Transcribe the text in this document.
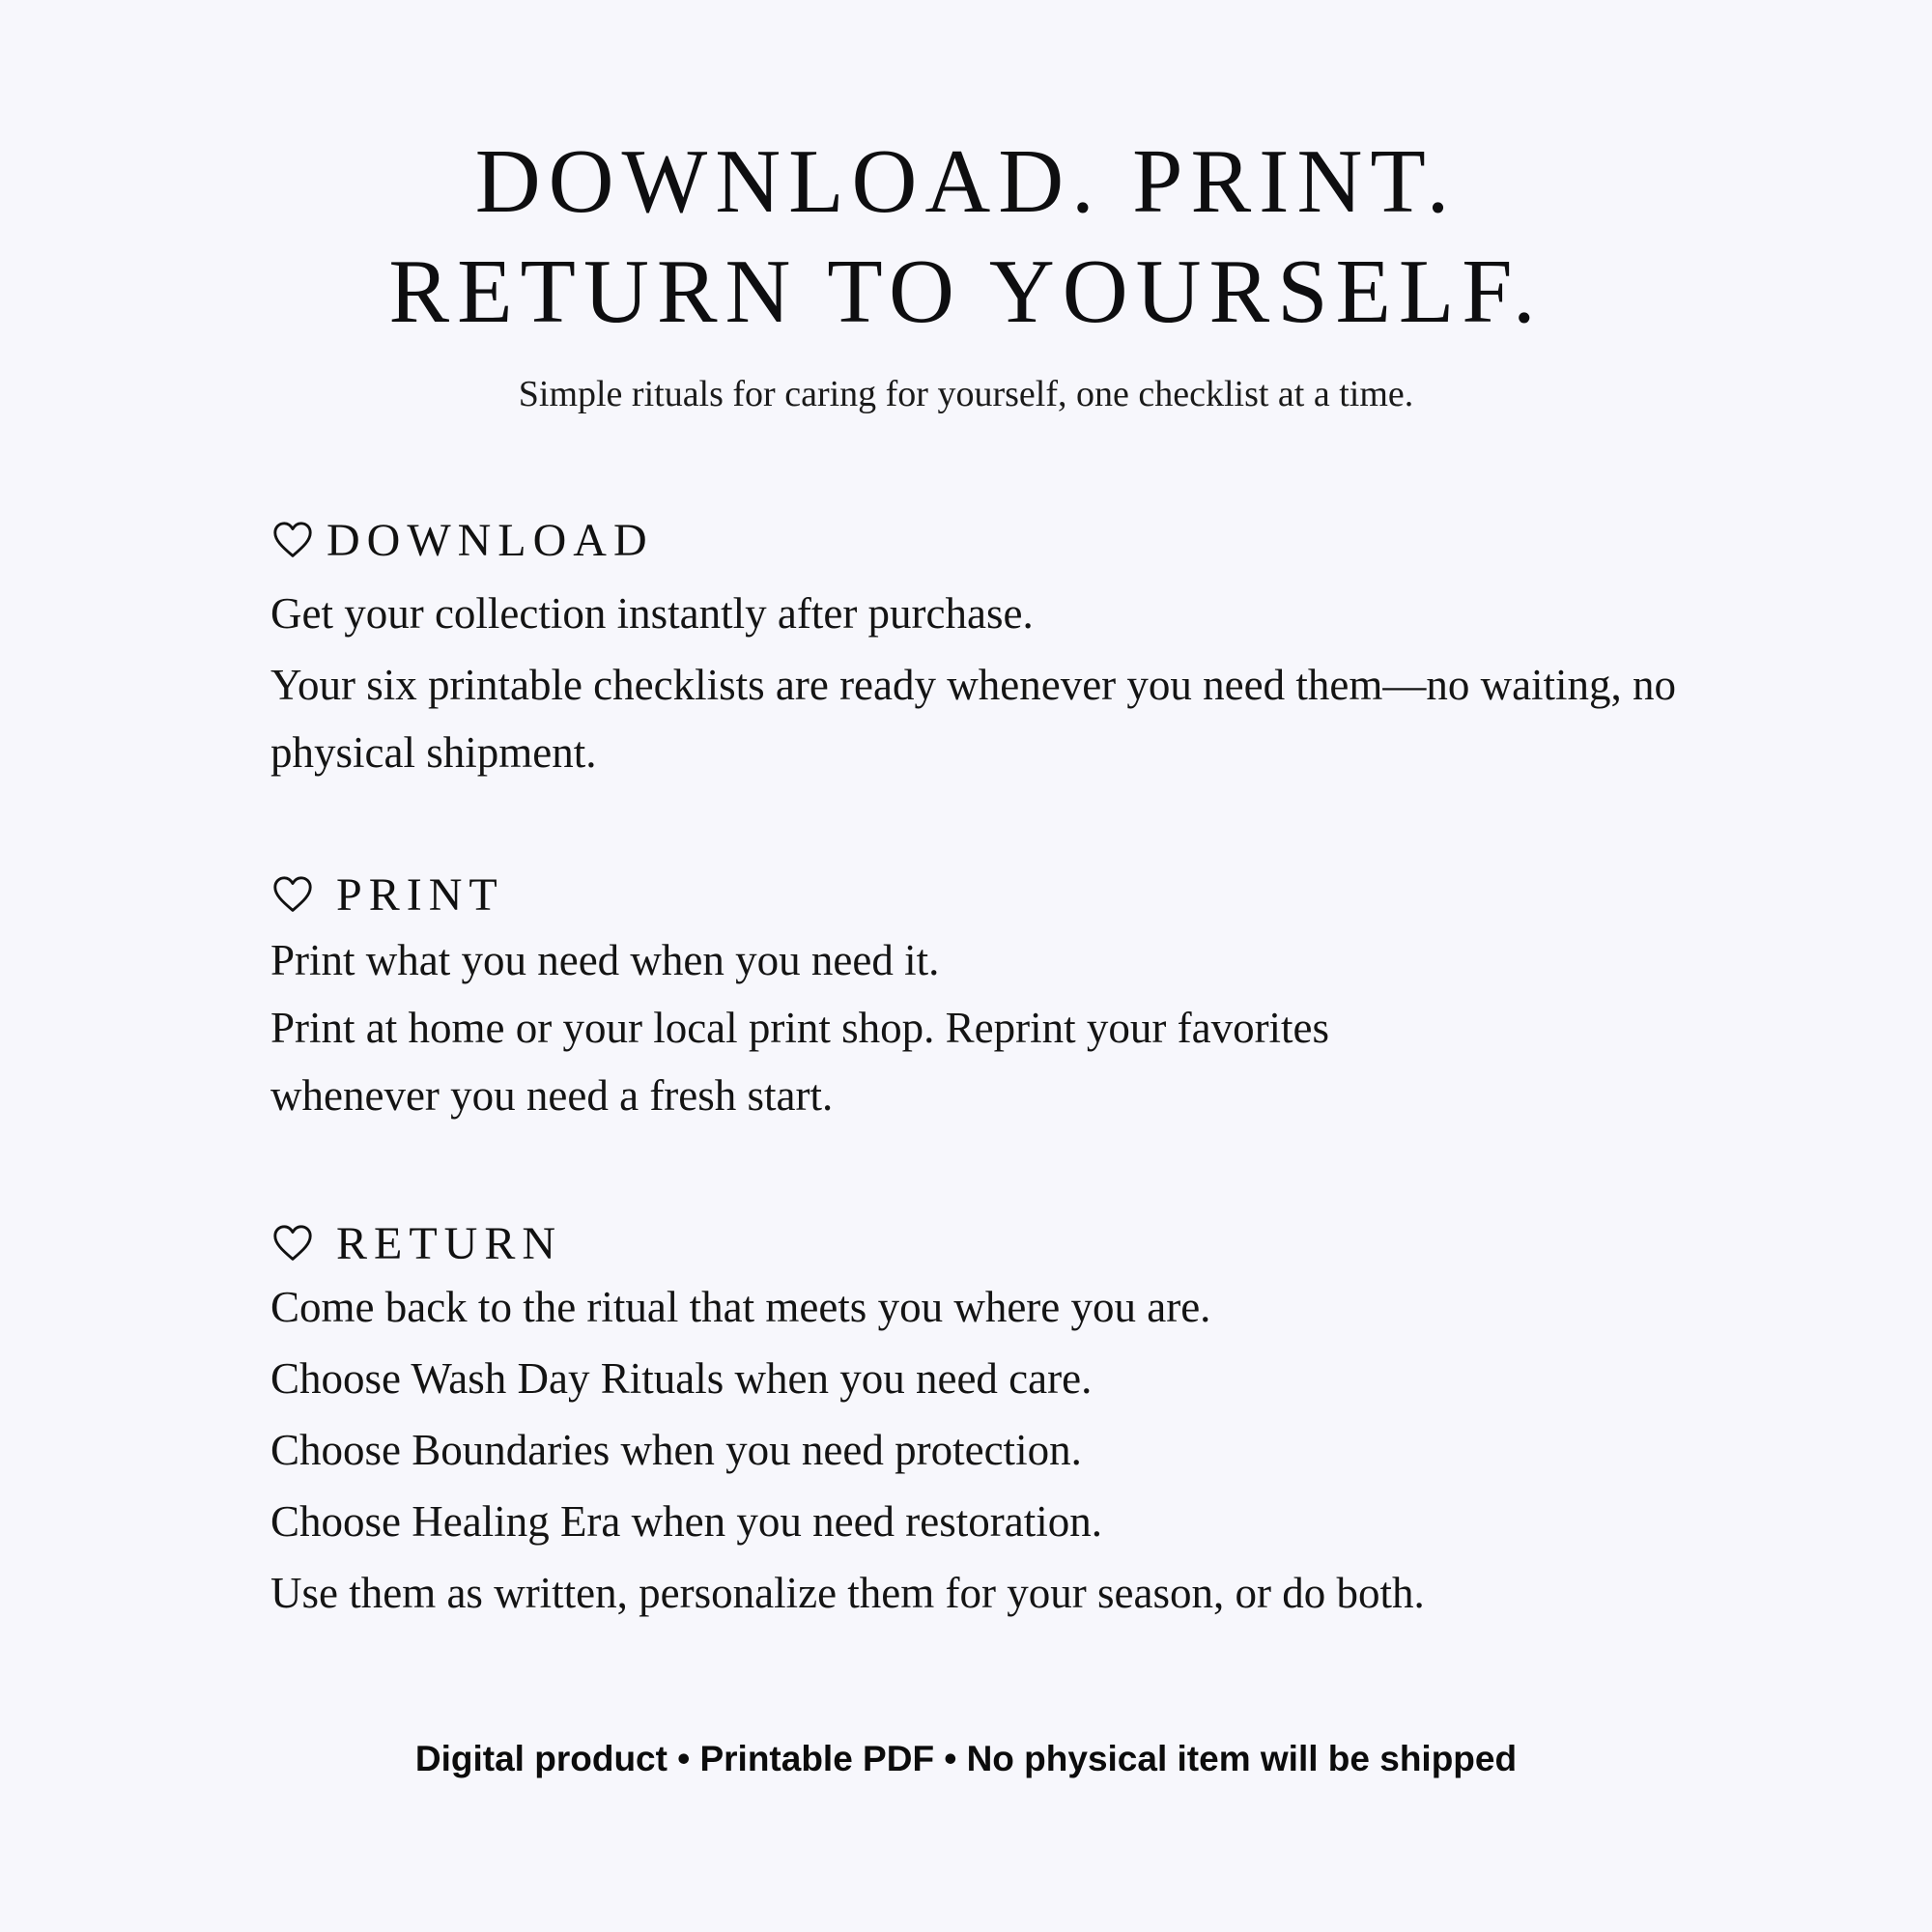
DOWNLOAD. PRINT.
RETURN TO YOURSELF.
Simple rituals for caring for yourself, one checklist at a time.
DOWNLOAD
Get your collection instantly after purchase.
Your six printable checklists are ready whenever you need them—no waiting, no physical shipment.
PRINT
Print what you need when you need it.
Print at home or your local print shop. Reprint your favorites whenever you need a fresh start.
RETURN
Come back to the ritual that meets you where you are.
Choose Wash Day Rituals when you need care.
Choose Boundaries when you need protection.
Choose Healing Era when you need restoration.
Use them as written, personalize them for your season, or do both.
Digital product • Printable PDF • No physical item will be shipped
